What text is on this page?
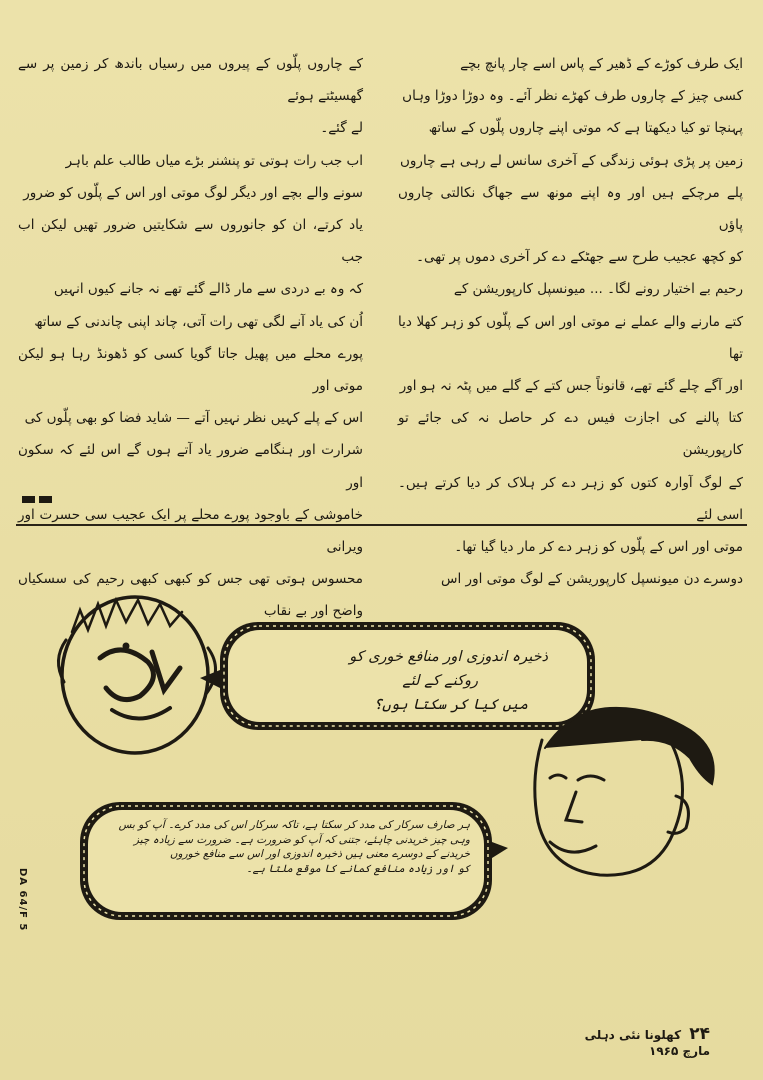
ایک طرف کوڑے کے ڈھیر کے پاس اسے چار پانچ بچے

کسی چیز کے چاروں طرف کھڑے نظر آئے۔ وہ دوڑا دوڑا وہاں

پہنچا تو کیا دیکھتا ہے کہ موتی اپنے چاروں پلّوں کے ساتھ

زمین پر پڑی ہوئی زندگی کے آخری سانس لے رہی ہے چاروں

پلے مرچکے ہیں اور وہ اپنے مونھ سے جھاگ نکالتی چاروں پاؤں

کو کچھ عجیب طرح سے جھٹکے دے کر آخری دموں پر تھی۔

رحیم بے اختیار رونے لگا۔ ... میونسپل کارپوریشن کے

کتے مارنے والے عملے نے موتی اور اس کے پلّوں کو زہر کھلا دیا تھا

اور آگے چلے گئے تھے، قانوناً جس کتے کے گلے میں پٹہ نہ ہو اور

کتا پالنے کی اجازت فیس دے کر حاصل نہ کی جائے تو کارپوریشن

کے لوگ آوارہ کتوں کو زہر دے کر ہلاک کر دیا کرتے ہیں۔ اسی لئے

موتی اور اس کے پلّوں کو زہر دے کر مار دیا گیا تھا۔

دوسرے دن میونسپل کارپوریشن کے لوگ موتی اور اس

کے چاروں پلّوں کے پیروں میں رسیاں باندھ کر زمین پر سے گھسیٹتے ہوئے

لے گئے۔

اب جب رات ہوتی تو پنشنر بڑے میاں طالب علم باہر

سونے والے بچے اور دیگر لوگ موتی اور اس کے پلّوں کو ضرور

یاد کرتے، ان کو جانوروں سے شکایتیں ضرور تھیں لیکن اب جب

کہ وہ بے دردی سے مار ڈالے گئے تھے نہ جانے کیوں انہیں

اُن کی یاد آنے لگی تھی رات آتی، چاند اپنی چاندنی کے ساتھ

پورے محلے میں پھیل جاتا گویا کسی کو ڈھونڈ رہا ہو لیکن موتی اور

اس کے پلے کہیں نظر نہیں آتے — شاید فضا کو بھی پلّوں کی

شرارت اور ہنگامے ضرور یاد آتے ہوں گے اس لئے کہ سکون اور

خاموشی کے باوجود پورے محلے پر ایک عجیب سی حسرت اور ویرانی

محسوس ہوتی تھی جس کو کبھی کبھی رحیم کی سسکیاں واضح اور بے نقاب

ذخیرہ اندوزی اور منافع خوری کو
روکنے کے لئے
میں کیا کر سکتا ہوں؟
ہر صارف سرکار کی مدد کر سکتا ہے، تاکہ سرکار اس کی مدد کرے۔ آپ کو بس
وہی چیز خریدنی چاہئے، جتنی کہ آپ کو ضرورت ہے۔ ضرورت سے زیادہ چیز
خریدنے کے دوسرے معنی ہیں ذخیرہ اندوزی اور اس سے منافع خوروں
کو اور زیادہ منافع کمانے کا موقع ملتا ہے۔
DA 64/F 5
۲۴ کھلونا نئی دہلی مارچ ۱۹۶۵
